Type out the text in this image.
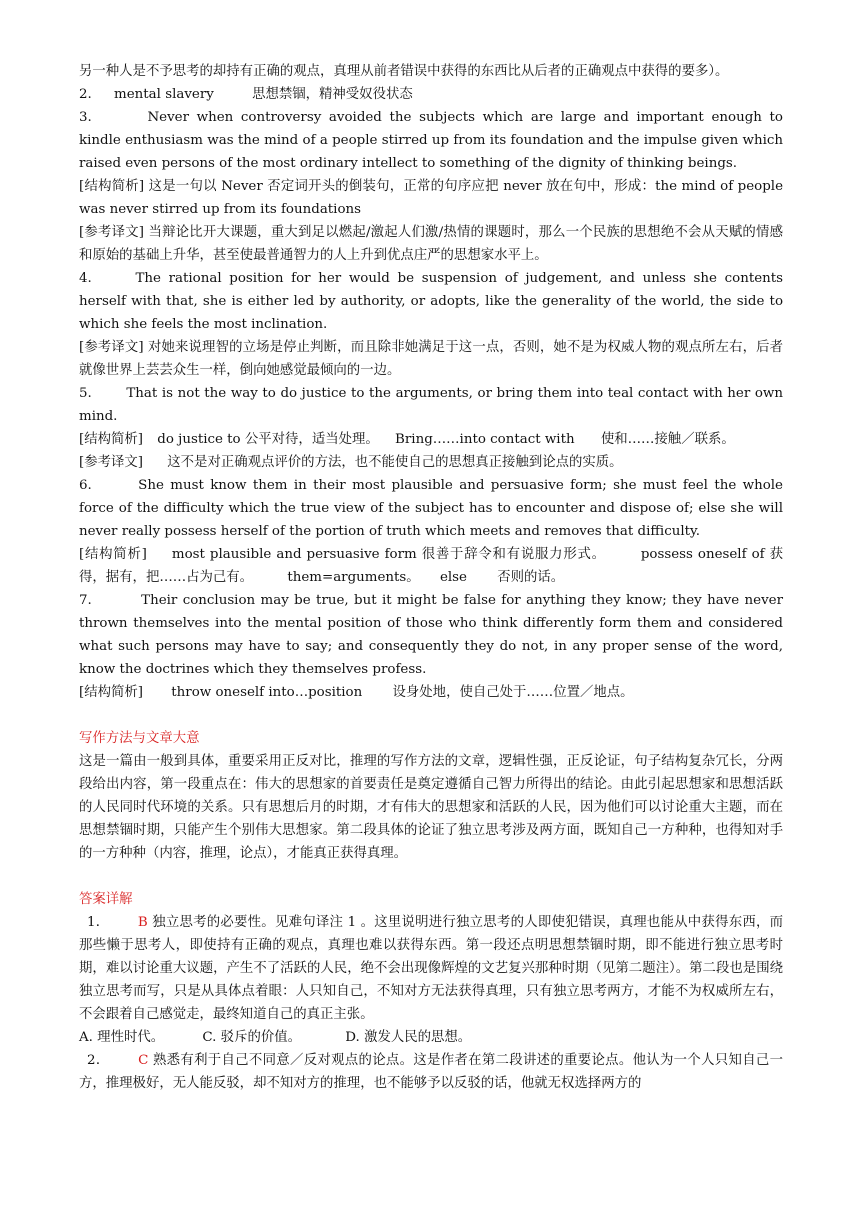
另一种人是不予思考的却持有正确的观点，真理从前者错误中获得的东西比从后者的正确观点中获得的要多）。

2. mental slavery	思想禁锢，精神受奴役状态

3.	Never when controversy avoided the subjects which are large and important enough to kindle enthusiasm was the mind of a people stirred up from its foundation and the impulse given which raised even persons of the most ordinary intellect to something of the dignity of thinking beings.

[结构简析] 这是一句以 Never 否定词开头的倒装句，正常的句序应把 never 放在句中，形成：the mind of people was never stirred up from its foundations

[参考译文] 当辩论比开大课题，重大到足以燃起/激起人们激/热情的课题时，那么一个民族的思想绝不会从天赋的情感和原始的基础上升华，甚至使最普通智力的人上升到优点庄严的思想家水平上。

4.	The rational position for her would be suspension of judgement, and unless she contents herself with that, she is either led by authority, or adopts, like the generality of the world, the side to which she feels the most inclination.

[参考译文] 对她来说理智的立场是停止判断，而且除非她满足于这一点，否则，她不是为权威人物的观点所左右，后者就像世界上芸芸众生一样，倒向她感觉最倾向的一边。

5.	That is not the way to do justice to the arguments, or bring them into teal contact with her own mind.

[结构简析] do justice to 公平对待，适当处理。 Bring……into contact with 使和……接触／联系。

[参考译文] 这不是对正确观点评价的方法，也不能使自己的思想真正接触到论点的实质。

6.	She must know them in their most plausible and persuasive form; she must feel the whole force of the difficulty which the true view of the subject has to encounter and dispose of; else she will never really possess herself of the portion of truth which meets and removes that difficulty.

[结构简析] most plausible and persuasive form 很善于辞令和有说服力形式。	possess oneself of 获得，据有，把……占为己有。	them=arguments。 else 否则的话。

7.	Their conclusion may be true, but it might be false for anything they know; they have never thrown themselves into the mental position of those who think differently form them and considered what such persons may have to say; and consequently they do not, in any proper sense of the word, know the doctrines which they themselves profess.

[结构简析] throw oneself into…position 设身处地，使自己处于……位置／地点。

写作方法与文章大意

这是一篇由一般到具体，重要采用正反对比，推理的写作方法的文章，逻辑性强，正反论证，句子结构复杂冗长，分两段给出内容，第一段重点在：伟大的思想家的首要责任是奠定遵循自己智力所得出的结论。由此引起思想家和思想活跃的人民同时代环境的关系。只有思想后月的时期，才有伟大的思想家和活跃的人民，因为他们可以讨论重大主题，而在思想禁锢时期，只能产生个别伟大思想家。第二段具体的论证了独立思考涉及两方面，既知自己一方种种，也得知对手的一方种种（内容，推理，论点），才能真正获得真理。

答案详解

1． B 独立思考的必要性。见难句译注 1 。这里说明进行独立思考的人即使犯错误，真理也能从中获得东西，而那些懒于思考人，即使持有正确的观点，真理也难以获得东西。第一段还点明思想禁锢时期，即不能进行独立思考时期，难以讨论重大议题，产生不了活跃的人民，绝不会出现像辉煌的文艺复兴那种时期（见第二题注）。第二段也是围绕独立思考而写，只是从具体点着眼：人只知自己，不知对方无法获得真理，只有独立思考两方，才能不为权威所左右，不会跟着自己感觉走，最终知道自己的真正主张。

A. 理性时代。	C. 驳斥的价值。	D. 激发人民的思想。

2． C 熟悉有利于自己不同意／反对观点的论点。这是作者在第二段讲述的重要论点。他认为一个人只知自己一方，推理极好，无人能反驳，却不知对方的推理，也不能够予以反驳的话，他就无权选择两方的
